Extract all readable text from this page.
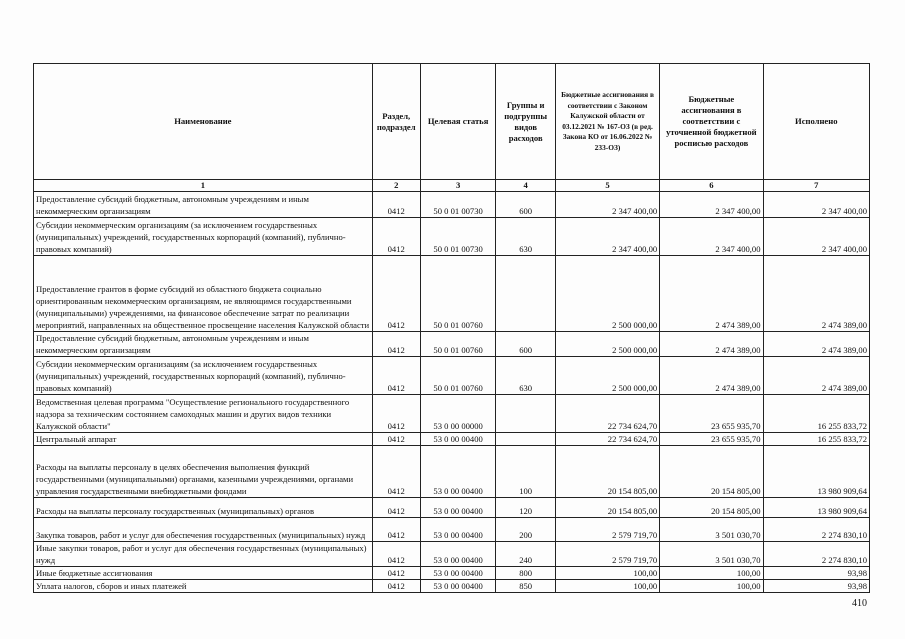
Наименование	Раздел, подраздел	Целевая статья	Группы и подгруппы видов расходов	Бюджетные ассигнования в соответствии с Законом Калужской области от 03.12.2021 № 167-ОЗ (в ред. Закона КО от 16.06.2022 № 233-ОЗ)	Бюджетные ассигнования в соответствии с уточненной бюджетной росписью расходов	Исполнено
1	2	3	4	5	6	7
Предоставление субсидий бюджетным, автономным учреждениям и иным некоммерческим организациям	0412	50 0 01 00730	600	2 347 400,00	2 347 400,00	2 347 400,00
Субсидии некоммерческим организациям (за исключением государственных (муниципальных) учреждений, государственных корпораций (компаний), публично-правовых компаний)	0412	50 0 01 00730	630	2 347 400,00	2 347 400,00	2 347 400,00
Предоставление грантов в форме субсидий из областного бюджета социально ориентированным некоммерческим организациям, не являющимся государственными (муниципальными) учреждениями, на финансовое обеспечение затрат по реализации мероприятий, направленных на общественное просвещение населения Калужской области	0412	50 0 01 00760		2 500 000,00	2 474 389,00	2 474 389,00
Предоставление субсидий бюджетным, автономным учреждениям и иным некоммерческим организациям	0412	50 0 01 00760	600	2 500 000,00	2 474 389,00	2 474 389,00
Субсидии некоммерческим организациям (за исключением государственных (муниципальных) учреждений, государственных корпораций (компаний), публично-правовых компаний)	0412	50 0 01 00760	630	2 500 000,00	2 474 389,00	2 474 389,00
Ведомственная целевая программа "Осуществление регионального государственного надзора за техническим состоянием самоходных машин и других видов техники Калужской области"	0412	53 0 00 00000		22 734 624,70	23 655 935,70	16 255 833,72
Центральный аппарат	0412	53 0 00 00400		22 734 624,70	23 655 935,70	16 255 833,72
Расходы на выплаты персоналу в целях обеспечения выполнения функций государственными (муниципальными) органами, казенными учреждениями, органами управления государственными внебюджетными фондами	0412	53 0 00 00400	100	20 154 805,00	20 154 805,00	13 980 909,64
Расходы на выплаты персоналу государственных (муниципальных) органов	0412	53 0 00 00400	120	20 154 805,00	20 154 805,00	13 980 909,64
Закупка товаров, работ и услуг для обеспечения государственных (муниципальных) нужд	0412	53 0 00 00400	200	2 579 719,70	3 501 030,70	2 274 830,10
Иные закупки товаров, работ и услуг для обеспечения государственных (муниципальных) нужд	0412	53 0 00 00400	240	2 579 719,70	3 501 030,70	2 274 830,10
Иные бюджетные ассигнования	0412	53 0 00 00400	800	100,00	100,00	93,98
Уплата налогов, сборов и иных платежей	0412	53 0 00 00400	850	100,00	100,00	93,98
410
